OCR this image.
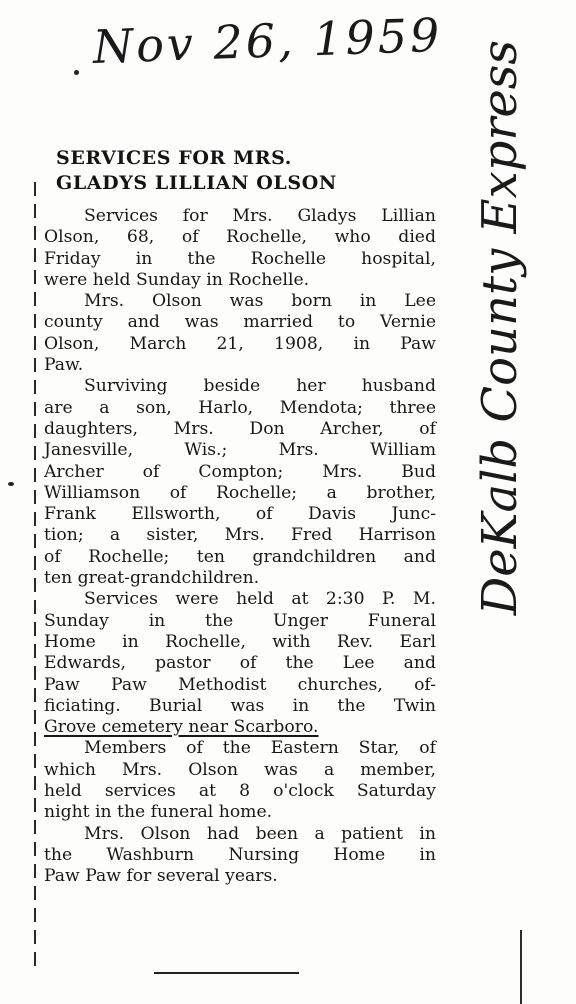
Nov 26, 1959 DeKalb County Express
SERVICES FOR MRS.
GLADYS LILLIAN OLSON

Services for Mrs. Gladys Lillian
Olson, 68, of Rochelle, who died
Friday in the Rochelle hospital,
were held Sunday in Rochelle.

Mrs. Olson was born in Lee
county and was married to Vernie
Olson, March 21, 1908, in Paw
Paw.

Surviving beside her husband
are a son, Harlo, Mendota; three
daughters, Mrs. Don Archer, of
Janesville, Wis.; Mrs. William
Archer of Compton; Mrs. Bud
Williamson of Rochelle; a brother,
Frank Ellsworth, of Davis Junc-
tion; a sister, Mrs. Fred Harrison
of Rochelle; ten grandchildren and
ten great-grandchildren.

Services were held at 2:30 P. M.
Sunday in the Unger Funeral
Home in Rochelle, with Rev. Earl
Edwards, pastor of the Lee and
Paw Paw Methodist churches, of-
ficiating. Burial was in the Twin
Grove cemetery near Scarboro.

Members of the Eastern Star, of
which Mrs. Olson was a member,
held services at 8 o'clock Saturday
night in the funeral home.

Mrs. Olson had been a patient in
the Washburn Nursing Home in
Paw Paw for several years.
